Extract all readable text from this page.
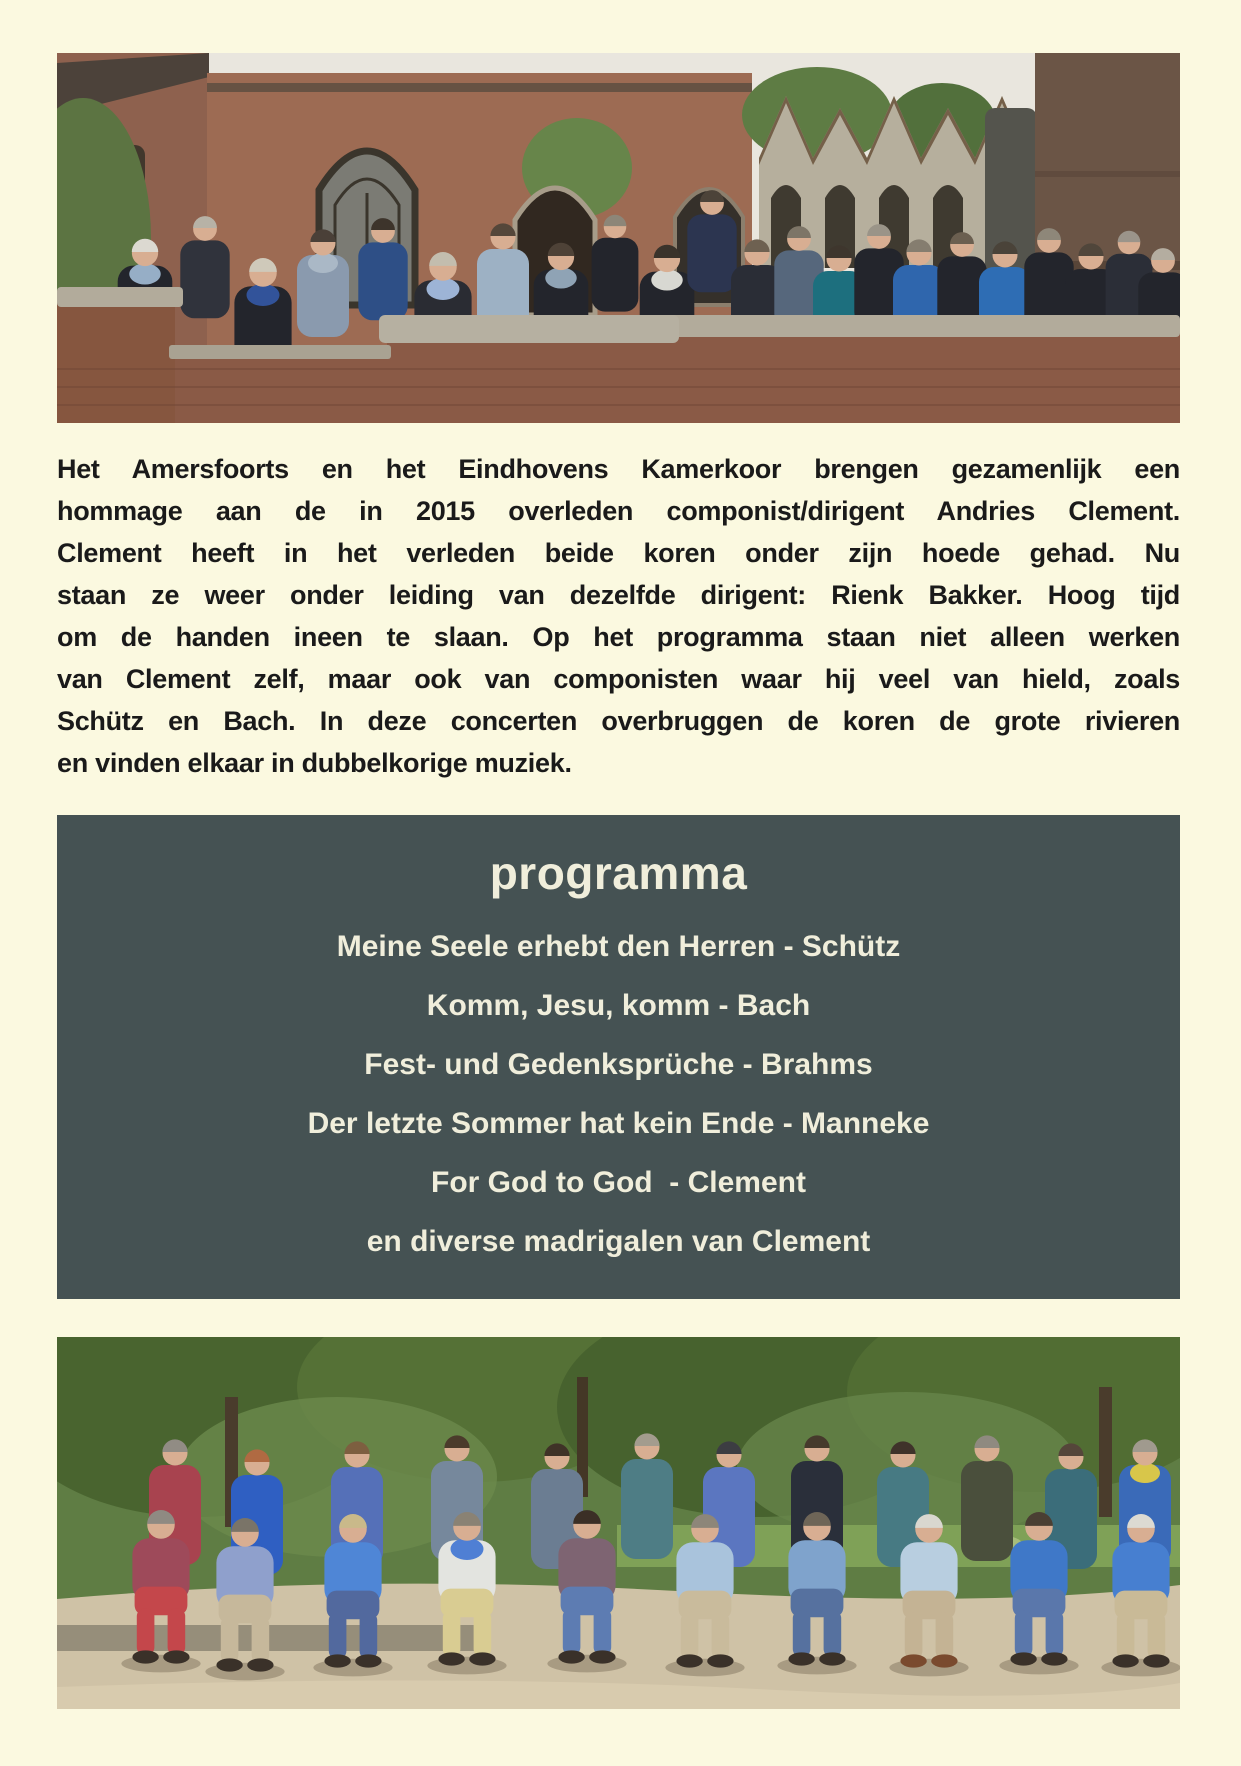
Het Amersfoorts en het Eindhovens Kamerkoor brengen gezamenlijk een
hommage aan de in 2015 overleden componist/dirigent Andries Clement.
Clement heeft in het verleden beide koren onder zijn hoede gehad. Nu
staan ze weer onder leiding van dezelfde dirigent: Rienk Bakker. Hoog tijd
om de handen ineen te slaan. Op het programma staan niet alleen werken
van Clement zelf, maar ook van componisten waar hij veel van hield, zoals
Schütz en Bach. In deze concerten overbruggen de koren de grote rivieren
en vinden elkaar in dubbelkorige muziek.
programma
Meine Seele erhebt den Herren - Schütz
Komm, Jesu, komm - Bach
Fest- und Gedenksprüche - Brahms
Der letzte Sommer hat kein Ende - Manneke
For God to God  - Clement
en diverse madrigalen van Clement
